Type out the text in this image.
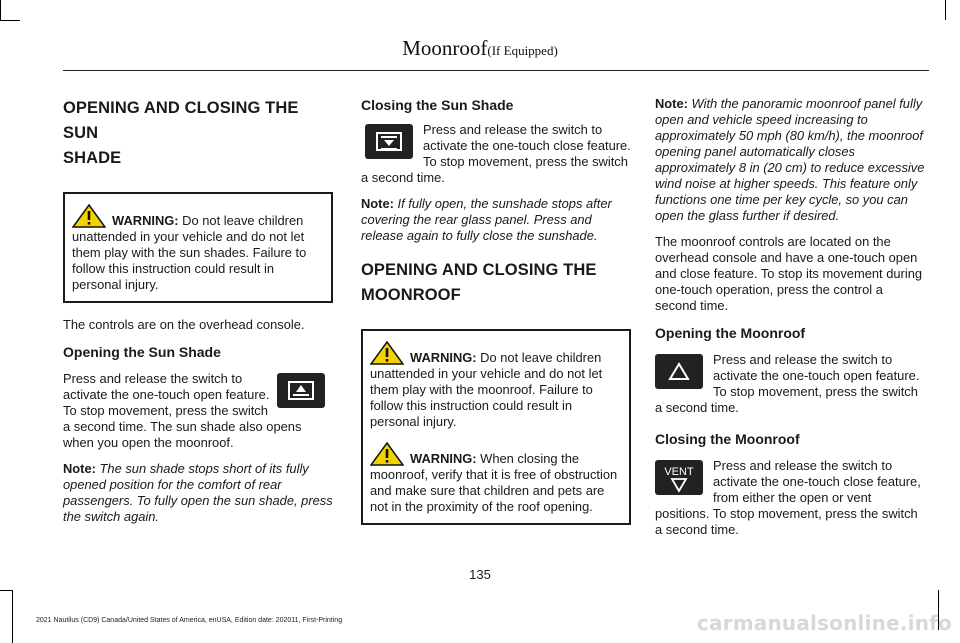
Moonroof(If Equipped)
OPENING AND CLOSING THE SUN
SHADE

WARNING: Do not leave children unattended in your vehicle and do not let them play with the sun shades. Failure to follow this instruction could result in personal injury.

The controls are on the overhead console.

Opening the Sun Shade

Press and release the switch to activate the one-touch open feature. To stop movement, press the switch a second time. The sun shade also opens when you open the moonroof.

Note: The sun shade stops short of its fully opened position for the comfort of rear passengers. To fully open the sun shade, press the switch again.

Closing the Sun Shade

Press and release the switch to activate the one-touch close feature. To stop movement, press the switch a second time.

Note: If fully open, the sunshade stops after covering the rear glass panel. Press and release again to fully close the sunshade.

OPENING AND CLOSING THE
MOONROOF

WARNING: Do not leave children unattended in your vehicle and do not let them play with the moonroof. Failure to follow this instruction could result in personal injury.

WARNING: When closing the moonroof, verify that it is free of obstruction and make sure that children and pets are not in the proximity of the roof opening.

Note: With the panoramic moonroof panel fully open and vehicle speed increasing to approximately 50 mph (80 km/h), the moonroof opening panel automatically closes approximately 8 in (20 cm) to reduce excessive wind noise at higher speeds. This feature only functions one time per key cycle, so you can open the glass further if desired.

The moonroof controls are located on the overhead console and have a one-touch open and close feature. To stop its movement during one-touch operation, press the control a second time.

Opening the Moonroof

Press and release the switch to activate the one-touch open feature. To stop movement, press the switch a second time.

Closing the Moonroof

VENT	Press and release the switch to activate the one-touch close feature, from either the open or vent positions. To stop movement, press the switch a second time.

135
2021 Nautilus (CD9) Canada/United States of America, enUSA, Edition date: 202011, First-Printing	carmanualsonline.info
